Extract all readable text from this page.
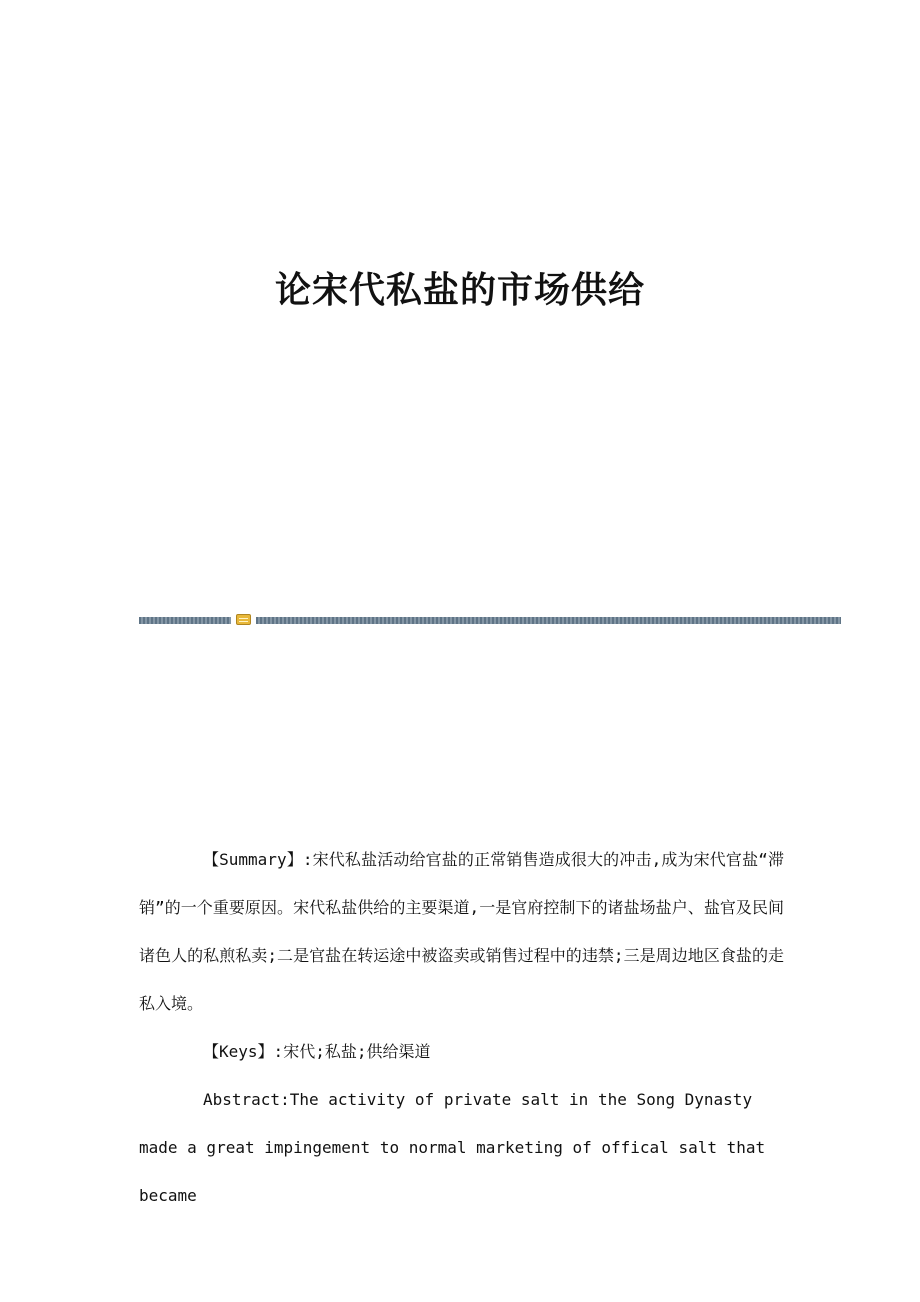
论宋代私盐的市场供给

【Summary】:宋代私盐活动给官盐的正常销售造成很大的冲击,成为宋代官盐“滞销”的一个重要原因。宋代私盐供给的主要渠道,一是官府控制下的诸盐场盐户、盐官及民间诸色人的私煎私卖;二是官盐在转运途中被盗卖或销售过程中的违禁;三是周边地区食盐的走私入境。

【Keys】:宋代;私盐;供给渠道

Abstract:The activity of private salt in the Song Dynasty made a great impingement to normal marketing of offical salt that became
